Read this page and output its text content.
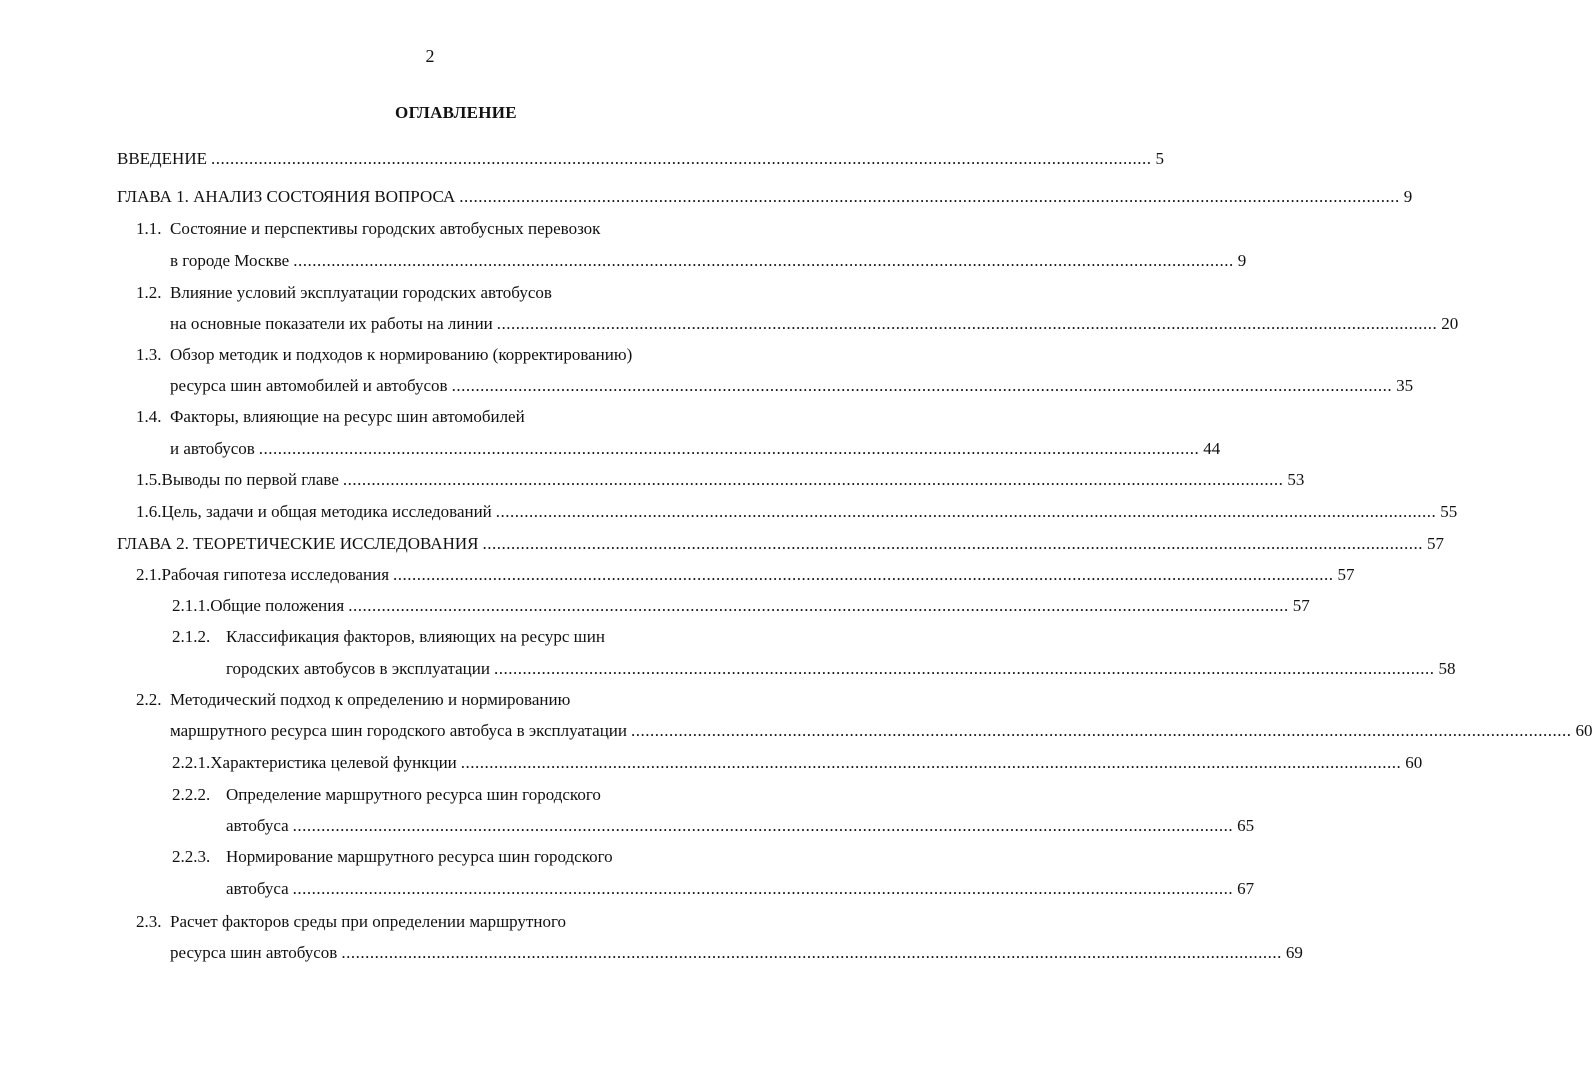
2
ОГЛАВЛЕНИЕ
ВВЕДЕНИЕ ...................................................................................................................................................................................................... 5
ГЛАВА 1. АНАЛИЗ СОСТОЯНИЯ ВОПРОСА ...................................................................................................................................................................................................... 9
1.1. Состояние и перспективы городских автобусных перевозок
в городе Москве ...................................................................................................................................................................................................... 9
1.2. Влияние условий эксплуатации городских автобусов
на основные показатели их работы на линии ...................................................................................................................................................................................................... 20
1.3. Обзор методик и подходов к нормированию (корректированию)
ресурса шин автомобилей и автобусов ...................................................................................................................................................................................................... 35
1.4. Факторы, влияющие на ресурс шин автомобилей
и автобусов ...................................................................................................................................................................................................... 44
1.5. Выводы по первой главе ...................................................................................................................................................................................................... 53
1.6. Цель, задачи и общая методика исследований ...................................................................................................................................................................................................... 55
ГЛАВА 2. ТЕОРЕТИЧЕСКИЕ ИССЛЕДОВАНИЯ ...................................................................................................................................................................................................... 57
2.1. Рабочая гипотеза исследования ...................................................................................................................................................................................................... 57
2.1.1. Общие положения ...................................................................................................................................................................................................... 57
2.1.2. Классификация факторов, влияющих на ресурс шин
городских автобусов в эксплуатации ...................................................................................................................................................................................................... 58
2.2. Методический подход к определению и нормированию
маршрутного ресурса шин городского автобуса в эксплуатации ...................................................................................................................................................................................................... 60
2.2.1. Характеристика целевой функции ...................................................................................................................................................................................................... 60
2.2.2. Определение маршрутного ресурса шин городского
автобуса ...................................................................................................................................................................................................... 65
2.2.3. Нормирование маршрутного ресурса шин городского
автобуса ...................................................................................................................................................................................................... 67
2.3. Расчет факторов среды при определении маршрутного
ресурса шин автобусов ...................................................................................................................................................................................................... 69
